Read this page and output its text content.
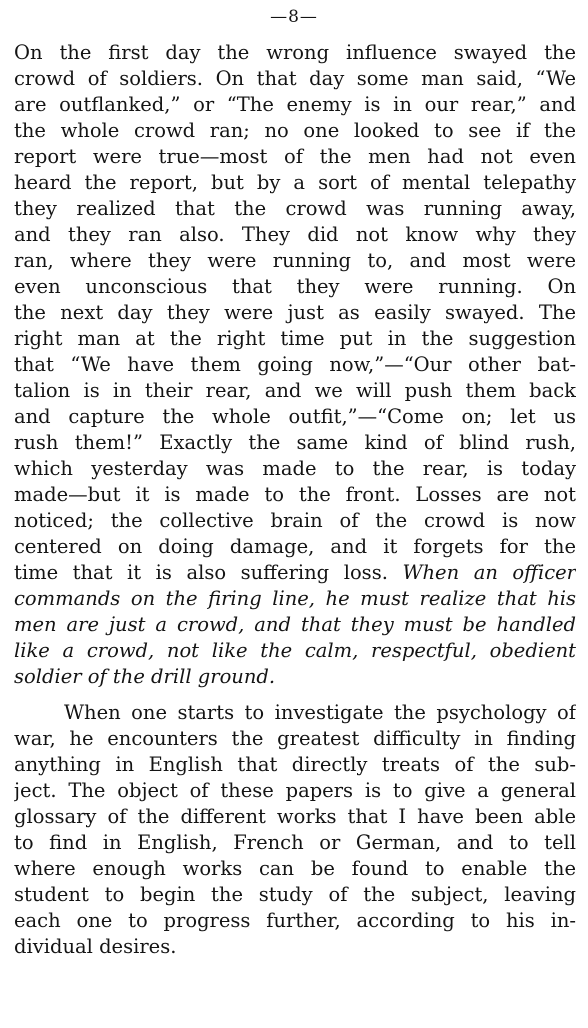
—8—
On the first day the wrong influence swayed the
crowd of soldiers. On that day some man said, “We
are outflanked,” or “The enemy is in our rear,” and
the whole crowd ran; no one looked to see if the
report were true—most of the men had not even
heard the report, but by a sort of mental telepathy
they realized that the crowd was running away,
and they ran also. They did not know why they
ran, where they were running to, and most were
even unconscious that they were running. On
the next day they were just as easily swayed. The
right man at the right time put in the suggestion
that “We have them going now,”—“Our other bat-
talion is in their rear, and we will push them back
and capture the whole outfit,”—“Come on; let us
rush them!” Exactly the same kind of blind rush,
which yesterday was made to the rear, is today
made—but it is made to the front. Losses are not
noticed; the collective brain of the crowd is now
centered on doing damage, and it forgets for the
time that it is also suffering loss. When an officer
commands on the firing line, he must realize that his
men are just a crowd, and that they must be handled
like a crowd, not like the calm, respectful, obedient
soldier of the drill ground.
When one starts to investigate the psychology of
war, he encounters the greatest difficulty in finding
anything in English that directly treats of the sub-
ject. The object of these papers is to give a general
glossary of the different works that I have been able
to find in English, French or German, and to tell
where enough works can be found to enable the
student to begin the study of the subject, leaving
each one to progress further, according to his in-
dividual desires.
